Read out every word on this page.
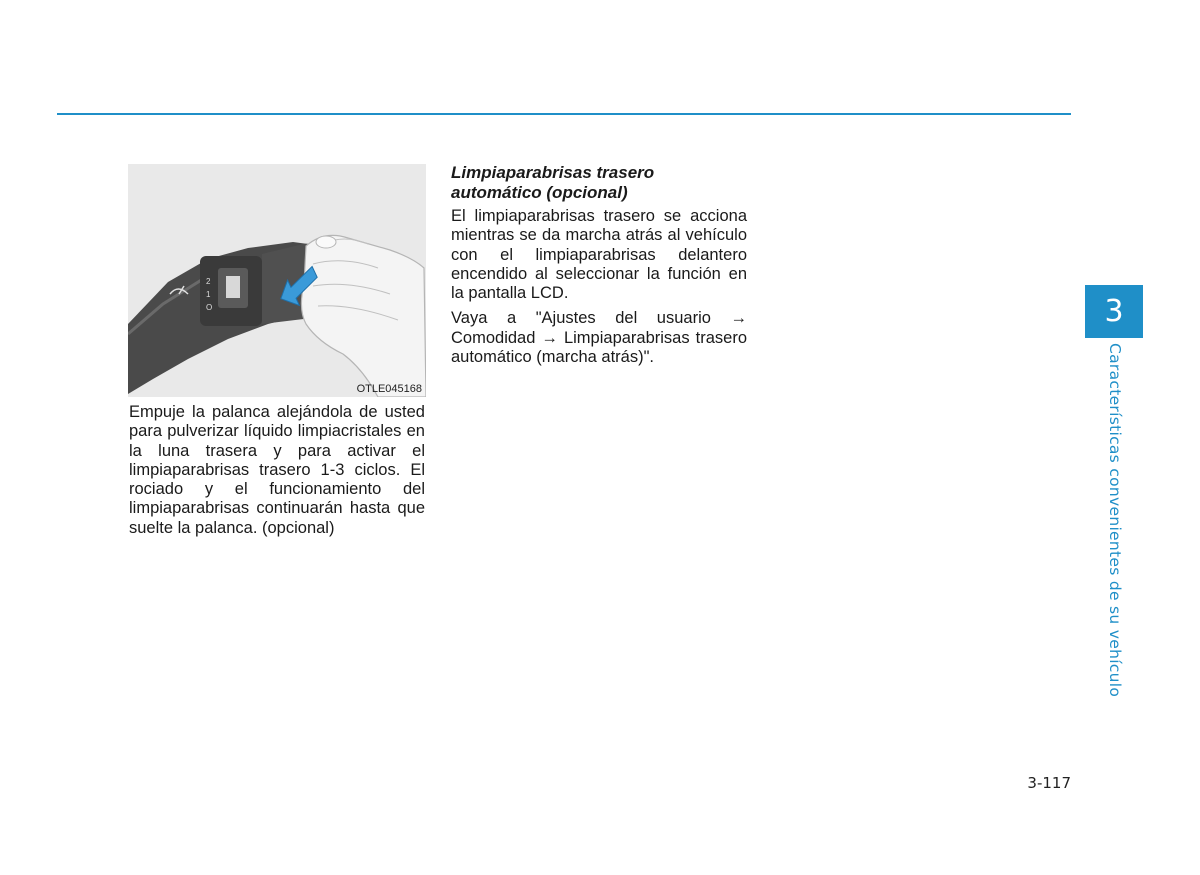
2
1
O
OTLE045168

Empuje la palanca alejándola de usted para pulverizar líquido limpiacristales en la luna trasera y para activar el limpiaparabrisas trasero 1-3 ciclos. El rociado y el funcionamiento del limpiaparabrisas continuarán hasta que suelte la palanca. (opcional)

Limpiaparabrisas trasero
automático (opcional)

El limpiaparabrisas trasero se acciona mientras se da marcha atrás al vehículo con el limpiaparabrisas delantero encendido al seleccionar la función en la pantalla LCD.

Vaya a "Ajustes del usuario → Comodidad → Limpiaparabrisas trasero automático (marcha atrás)".

3
Características convenientes de su vehículo
3-117
